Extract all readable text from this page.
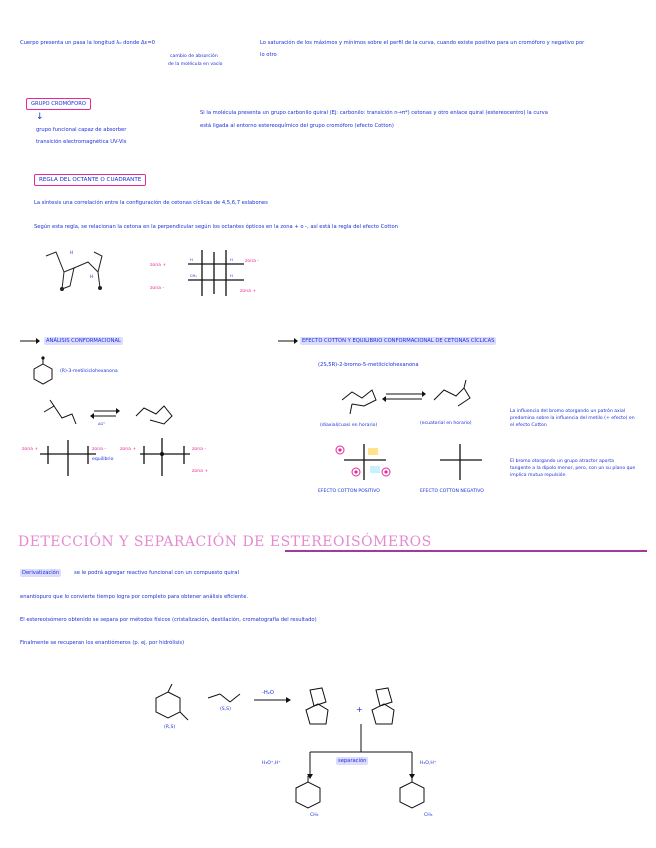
Cuerpo presenta un pasa la longitud λ₀ donde Δε=0
cambio de absorción
de la molécula en vacío
Lo saturación de los máximos y mínimos sobre el perfil de la curva, cuando existe positivo para un cromóforo y negativo por
lo otro
GRUPO CROMÓFORO
↓
grupo funcional capaz de absorber
transición electromagnética UV-Vis
Si la molécula presenta un grupo carbonilo quiral (Ej: carbonilo: transición n→π*) cetonas y otro enlace quiral (estereocentro) la curva
está ligada al entorno estereoquímico del grupo cromóforo (efecto Cotton)
REGLA DEL OCTANTE O CUADRANTE
La síntesis una correlación entre la configuración de cetonas cíclicas de 4,5,6,7 eslabones
Según esta regla, se relacionan la cetona en la perpendicular según los octantes ópticos en la zona + o -, así está la regla del efecto Cotton
H
H
H	H
CH₃	H
zona +
zona -
zona -
zona +
ANÁLISIS CONFORMACIONAL
(R)-3-metilciclohexanona
ΔG°
zona +	zona -	zona +	zona -
zona +
equilibrio
EFECTO COTTON Y EQUILIBRIO CONFORMACIONAL DE CETONAS CÍCLICAS
(2S,5R)-2-bromo-5-metilciclohexanona
(diaxial/cuasi en horario)	(ecuatorial en horario)
EFECTO COTTON POSITIVO	EFECTO COTTON NEGATIVO
La influencia del bromo otorgando un patrón axial predomina sobre la influencia del metilo (+ efecto) en el efecto Cotton
El bromo otorgando un grupo atractor aporta tangente a la dipolo menor, pero, con un su plano que implica mutua repulsión
DETECCIÓN Y SEPARACIÓN DE ESTEREOISÓMEROS
Derivatización	se le podrá agregar reactivo funcional con un compuesto quiral
enantiopuro que lo convierte tiempo logra por completo para obtener análisis eficiente.
El estereoisómero obtenido se separa por métodos físicos (cristalización, destilación, cromatografía del resultado)
Finalmente se recuperan los enantiómeros (p. ej. por hidrólisis)
(R,S)
(S,S)
-H₂O
+
separación
H₃O⁺,H⁺	H₂O,H⁺
CH₃	CH₃
